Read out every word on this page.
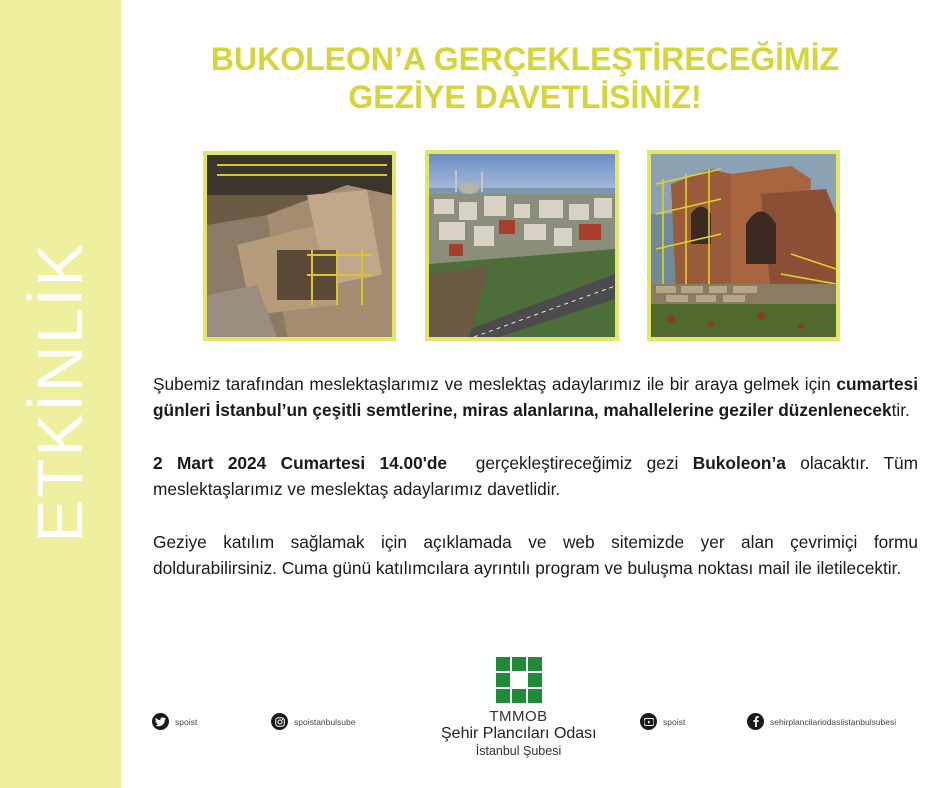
ETKİNLİK
BUKOLEON’A GERÇEKLEŞTİRECEĞİMİZ
GEZİYE DAVETLİSİNİZ!

Şubemiz tarafından meslektaşlarımız ve meslektaş adaylarımız ile bir araya gelmek için cumartesi günleri İstanbul’un çeşitli semtlerine, miras alanlarına, mahallelerine geziler düzenlenecektir.

2 Mart 2024 Cumartesi 14.00'de  gerçekleştireceğimiz gezi Bukoleon’a olacaktır. Tüm meslektaşlarımız ve meslektaş adaylarımız davetlidir.

Geziye katılım sağlamak için açıklamada ve web sitemizde yer alan çevrimiçi formu doldurabilirsiniz. Cuma günü katılımcılara ayrıntılı program ve buluşma noktası mail ile iletilecektir.

TMMOB
Şehir Plancıları Odası
İstanbul Şubesi
spoist	spoistanbulsube	spoist	sehirplancilariodasiistanbulsubesi
